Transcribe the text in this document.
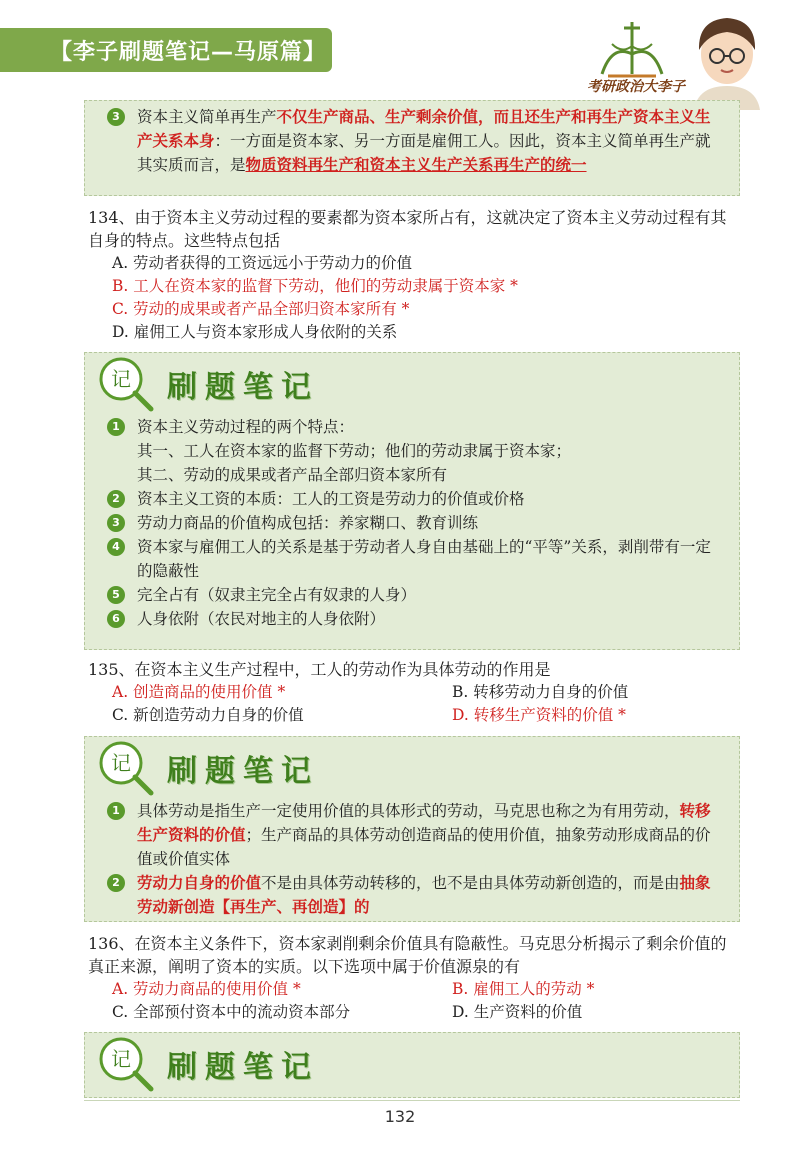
【李子刷题笔记—马原篇】
考研政治大李子
3	资本主义简单再生产不仅生产商品、生产剩余价值，而且还生产和再生产资本主义生产关系本身：一方面是资本家、另一方面是雇佣工人。因此，资本主义简单再生产就其实质而言，是物质资料再生产和资本主义生产关系再生产的统一
134、由于资本主义劳动过程的要素都为资本家所占有，这就决定了资本主义劳动过程有其自身的特点。这些特点包括
A. 劳动者获得的工资远远小于劳动力的价值
B. 工人在资本家的监督下劳动，他们的劳动隶属于资本家 *
C. 劳动的成果或者产品全部归资本家所有 *
D. 雇佣工人与资本家形成人身依附的关系
记 刷题笔记
1	资本主义劳动过程的两个特点：
其一、工人在资本家的监督下劳动；他们的劳动隶属于资本家；
其二、劳动的成果或者产品全部归资本家所有
2	资本主义工资的本质：工人的工资是劳动力的价值或价格
3	劳动力商品的价值构成包括：养家糊口、教育训练
4	资本家与雇佣工人的关系是基于劳动者人身自由基础上的“平等”关系，剥削带有一定的隐蔽性
5	完全占有（奴隶主完全占有奴隶的人身）
6	人身依附（农民对地主的人身依附）
135、在资本主义生产过程中，工人的劳动作为具体劳动的作用是
A. 创造商品的使用价值 *	B. 转移劳动力自身的价值
C. 新创造劳动力自身的价值	D. 转移生产资料的价值 *
记 刷题笔记
1	具体劳动是指生产一定使用价值的具体形式的劳动，马克思也称之为有用劳动，转移生产资料的价值；生产商品的具体劳动创造商品的使用价值，抽象劳动形成商品的价值或价值实体
2	劳动力自身的价值不是由具体劳动转移的，也不是由具体劳动新创造的，而是由抽象劳动新创造【再生产、再创造】的
136、在资本主义条件下，资本家剥削剩余价值具有隐蔽性。马克思分析揭示了剩余价值的真正来源，阐明了资本的实质。以下选项中属于价值源泉的有
A. 劳动力商品的使用价值 *	B. 雇佣工人的劳动 *
C. 全部预付资本中的流动资本部分	D. 生产资料的价值
记 刷题笔记
132
